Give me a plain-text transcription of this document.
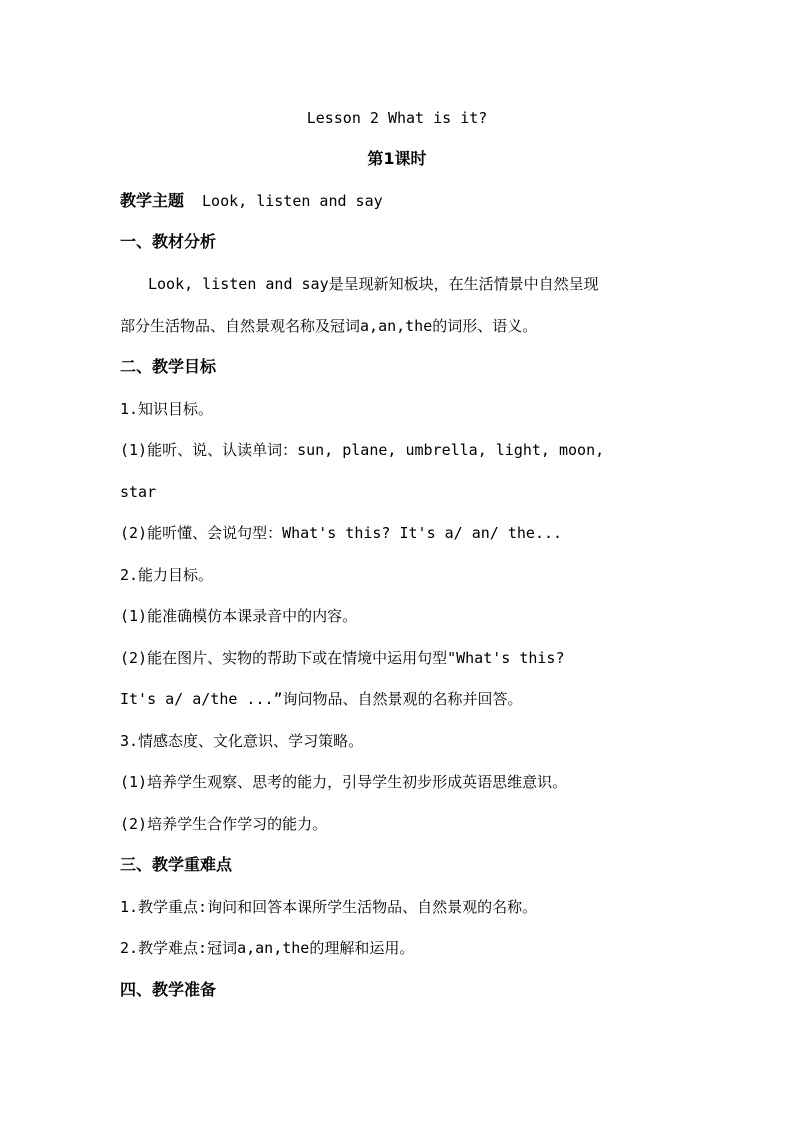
Lesson 2 What is it?
第1课时
教学主题 Look, listen and say
一、教材分析
Look, listen and say是呈现新知板块，在生活情景中自然呈现
部分生活物品、自然景观名称及冠词a,an,the的词形、语义。
二、教学目标
1.知识目标。
(1)能听、说、认读单词：sun, plane, umbrella, light, moon,
star
(2)能听懂、会说句型：What's this? It's a/ an/ the...
2.能力目标。
(1)能准确模仿本课录音中的内容。
(2)能在图片、实物的帮助下或在情境中运用句型"What's this?
It's a/ a/the ...”询问物品、自然景观的名称并回答。
3.情感态度、文化意识、学习策略。
(1)培养学生观察、思考的能力，引导学生初步形成英语思维意识。
(2)培养学生合作学习的能力。
三、教学重难点
1.教学重点:询问和回答本课所学生活物品、自然景观的名称。
2.教学难点:冠词a,an,the的理解和运用。
四、教学准备
